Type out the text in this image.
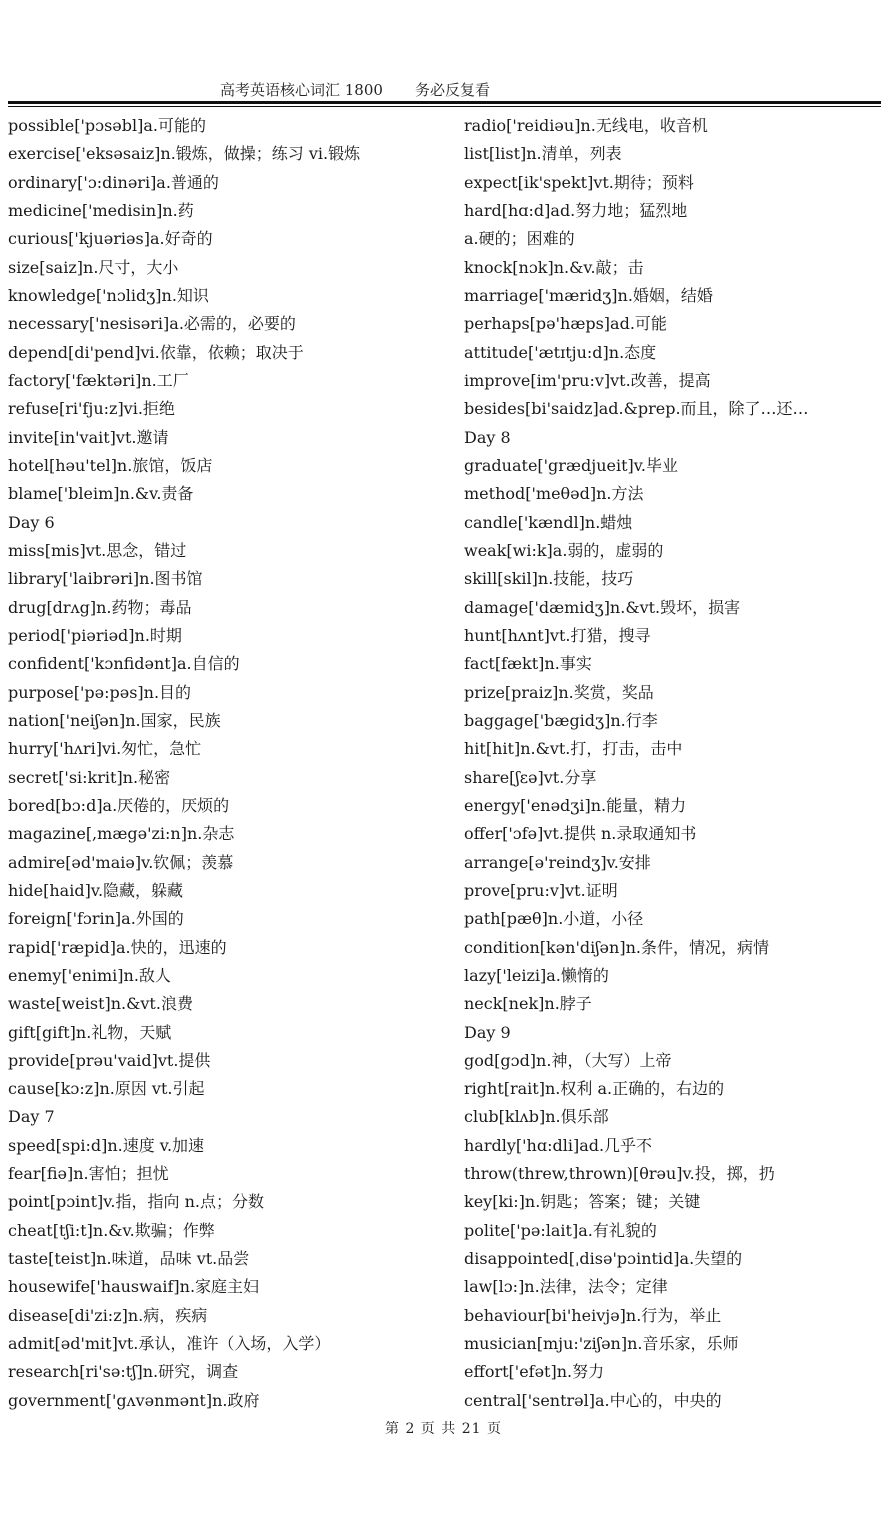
高考英语核心词汇 1800 务必反复看
possible['pɔsəbl]a.可能的
exercise['eksəsaiz]n.锻炼，做操；练习 vi.锻炼
ordinary['ɔ:dinəri]a.普通的
medicine['medisin]n.药
curious['kjuəriəs]a.好奇的
size[saiz]n.尺寸，大小
knowledge['nɔlidʒ]n.知识
necessary['nesisəri]a.必需的，必要的
depend[di'pend]vi.依靠，依赖；取决于
factory['fæktəri]n.工厂
refuse[ri'fju:z]vi.拒绝
invite[in'vait]vt.邀请
hotel[həu'tel]n.旅馆，饭店
blame['bleim]n.&v.责备
Day 6
miss[mis]vt.思念，错过
library['laibrəri]n.图书馆
drug[drʌg]n.药物；毒品
period['piəriəd]n.时期
confident['kɔnfidənt]a.自信的
purpose['pə:pəs]n.目的
nation['neiʃən]n.国家，民族
hurry['hʌri]vi.匆忙，急忙
secret['si:krit]n.秘密
bored[bɔ:d]a.厌倦的，厌烦的
magazine[,mægə'zi:n]n.杂志
admire[əd'maiə]v.钦佩；羡慕
hide[haid]v.隐藏，躲藏
foreign['fɔrin]a.外国的
rapid['ræpid]a.快的，迅速的
enemy['enimi]n.敌人
waste[weist]n.&vt.浪费
gift[gift]n.礼物，天赋
provide[prəu'vaid]vt.提供
cause[kɔ:z]n.原因 vt.引起
Day 7
speed[spi:d]n.速度 v.加速
fear[fiə]n.害怕；担忧
point[pɔint]v.指，指向 n.点；分数
cheat[tʃi:t]n.&v.欺骗；作弊
taste[teist]n.味道，品味 vt.品尝
housewife['hauswaif]n.家庭主妇
disease[di'zi:z]n.病，疾病
admit[əd'mit]vt.承认，准许（入场，入学）
research[ri'sə:tʃ]n.研究，调查
government['gʌvənmənt]n.政府
radio['reidiəu]n.无线电，收音机
list[list]n.清单，列表
expect[ik'spekt]vt.期待；预料
hard[hɑ:d]ad.努力地；猛烈地
a.硬的；困难的
knock[nɔk]n.&v.敲；击
marriage['mæridʒ]n.婚姻，结婚
perhaps[pə'hæps]ad.可能
attitude['ætɪtju:d]n.态度
improve[im'pru:v]vt.改善，提高
besides[bi'saidz]ad.&prep.而且，除了…还…
Day 8
graduate['grædjueit]v.毕业
method['meθəd]n.方法
candle['kændl]n.蜡烛
weak[wi:k]a.弱的，虚弱的
skill[skil]n.技能，技巧
damage['dæmidʒ]n.&vt.毁坏，损害
hunt[hʌnt]vt.打猎，搜寻
fact[fækt]n.事实
prize[praiz]n.奖赏，奖品
baggage['bægidʒ]n.行李
hit[hit]n.&vt.打，打击，击中
share[ʃεə]vt.分享
energy['enədʒi]n.能量，精力
offer['ɔfə]vt.提供 n.录取通知书
arrange[ə'reindʒ]v.安排
prove[pru:v]vt.证明
path[pæθ]n.小道，小径
condition[kən'diʃən]n.条件，情况，病情
lazy['leizi]a.懒惰的
neck[nek]n.脖子
Day 9
god[gɔd]n.神，（大写）上帝
right[rait]n.权利 a.正确的，右边的
club[klʌb]n.俱乐部
hardly['hɑ:dli]ad.几乎不
throw(threw,thrown)[θrəu]v.投，掷，扔
key[ki:]n.钥匙；答案；键；关键
polite['pə:lait]a.有礼貌的
disappointed[ˌdisə'pɔintid]a.失望的
law[lɔ:]n.法律，法令；定律
behaviour[bi'heivjə]n.行为，举止
musician[mju:'ziʃən]n.音乐家，乐师
effort['efət]n.努力
central['sentrəl]a.中心的，中央的
第 2 页 共 21 页
